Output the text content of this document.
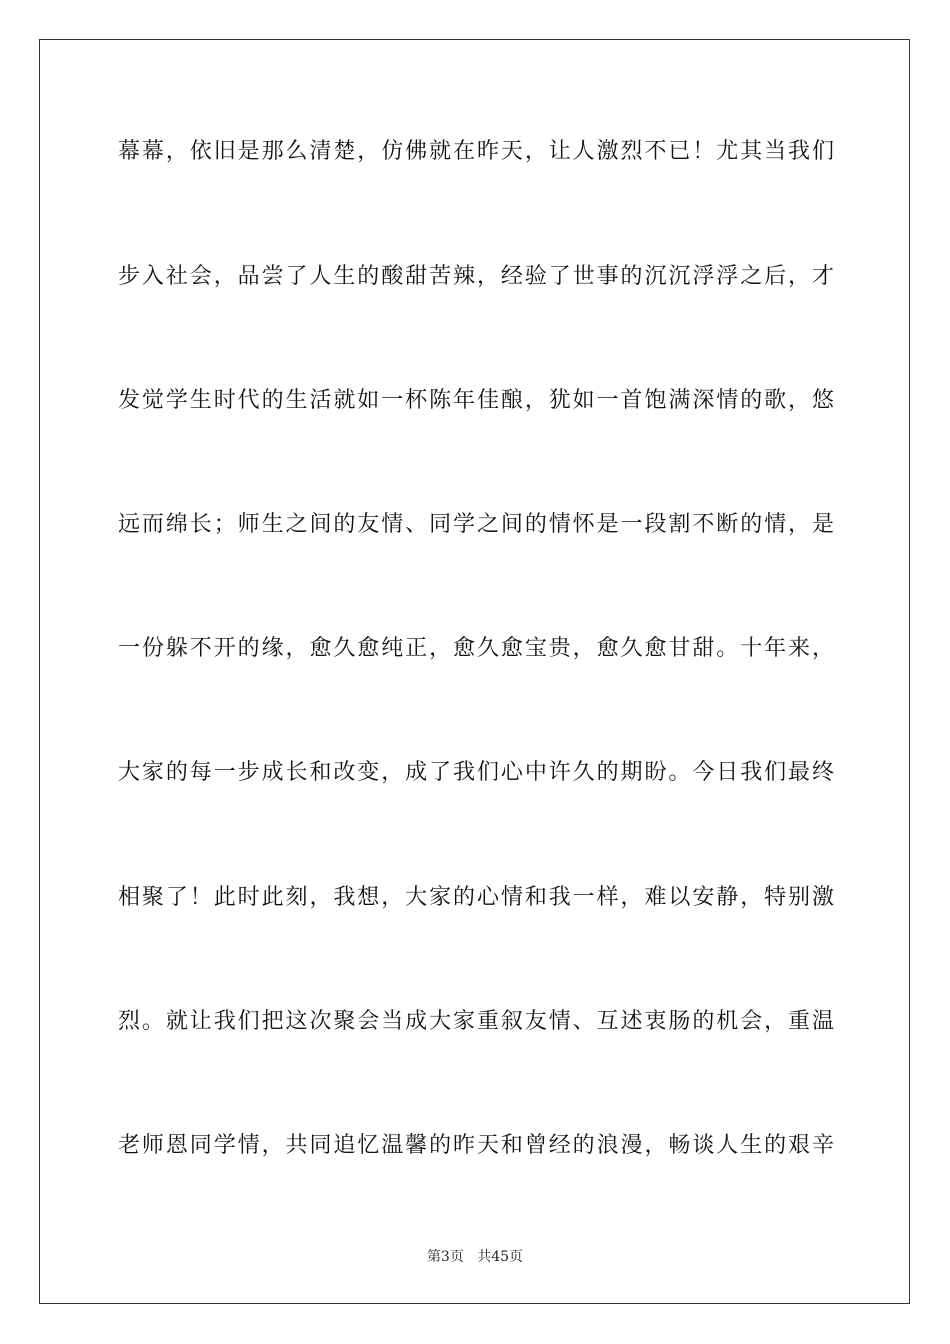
幕幕，依旧是那么清楚，仿佛就在昨天，让人激烈不已！尤其当我们
步入社会，品尝了人生的酸甜苦辣，经验了世事的沉沉浮浮之后，才
发觉学生时代的生活就如一杯陈年佳酿，犹如一首饱满深情的歌，悠
远而绵长；师生之间的友情、同学之间的情怀是一段割不断的情，是
一份躲不开的缘，愈久愈纯正，愈久愈宝贵，愈久愈甘甜。十年来，
大家的每一步成长和改变，成了我们心中许久的期盼。今日我们最终
相聚了！此时此刻，我想，大家的心情和我一样，难以安静，特别激
烈。就让我们把这次聚会当成大家重叙友情、互述衷肠的机会，重温
老师恩同学情，共同追忆温馨的昨天和曾经的浪漫，畅谈人生的艰辛
第3页 共45页
